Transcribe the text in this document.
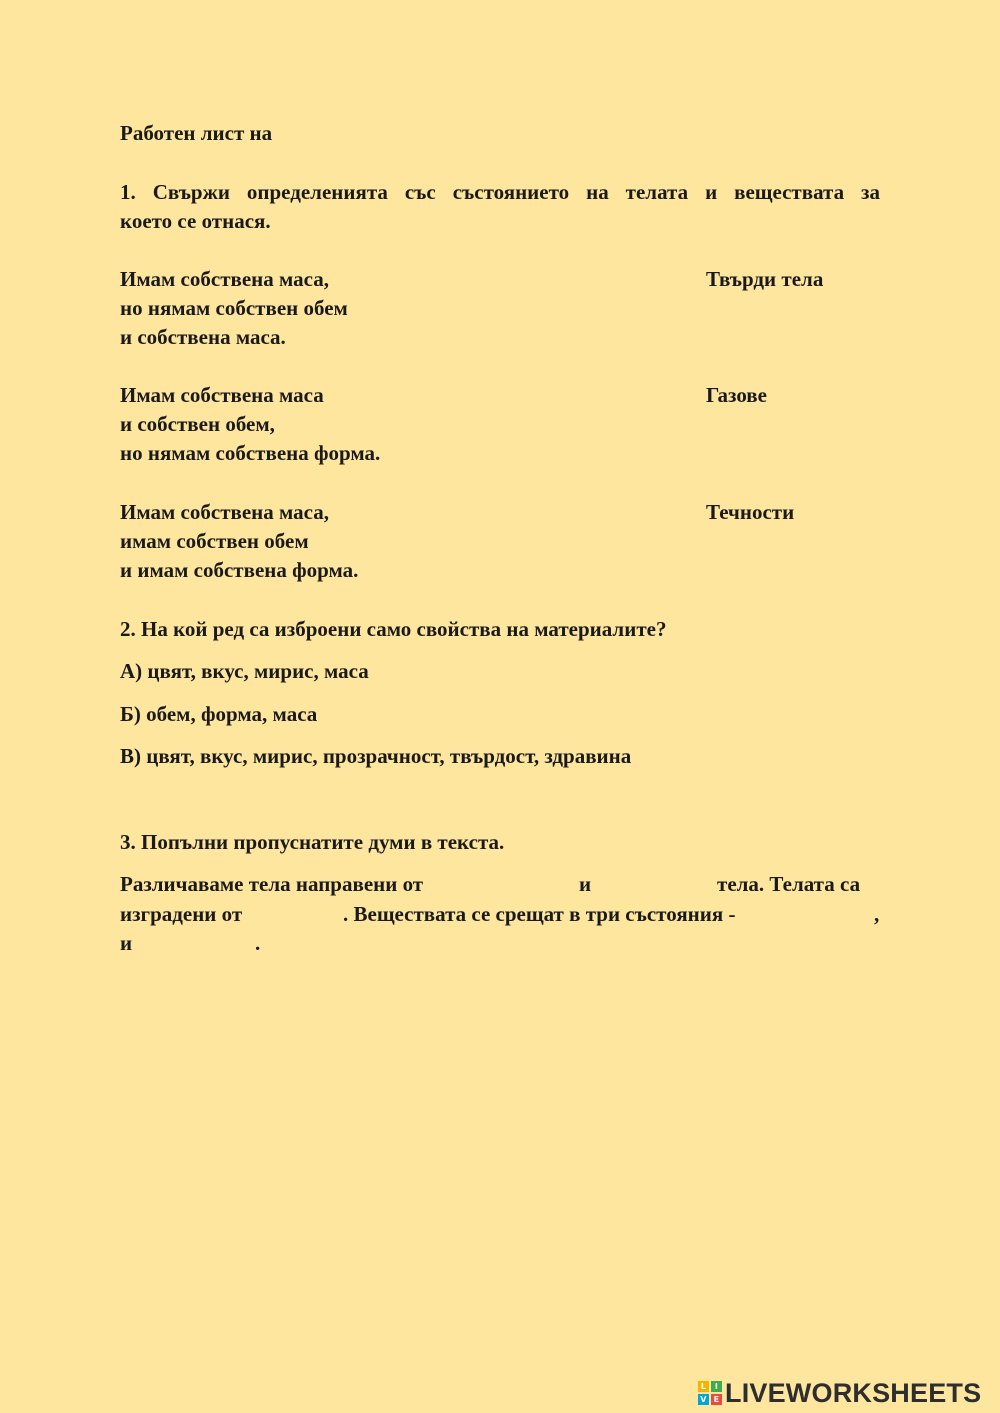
Работен лист на
1. Свържи определенията със състоянието на телата и веществата за
което се отнася.
Имам собствена маса,
но нямам собствен обем
и собствена маса.
Твърди тела
Имам собствена маса
и собствен обем,
но нямам собствена форма.
Газове
Имам собствена маса,
имам собствен обем
и имам собствена форма.
Течности
2. На кой ред са изброени само свойства на материалите?
А) цвят, вкус, мирис, маса
Б) обем, форма, маса
В) цвят, вкус, мирис, прозрачност, твърдост, здравина
3. Попълни пропуснатите думи в текста.
Различаваме тела направени от	и	тела. Телата са
изградени от	. Веществата се срещат в три състояния -	,
и	.
L	I
V E LIVEWORKSHEETS
